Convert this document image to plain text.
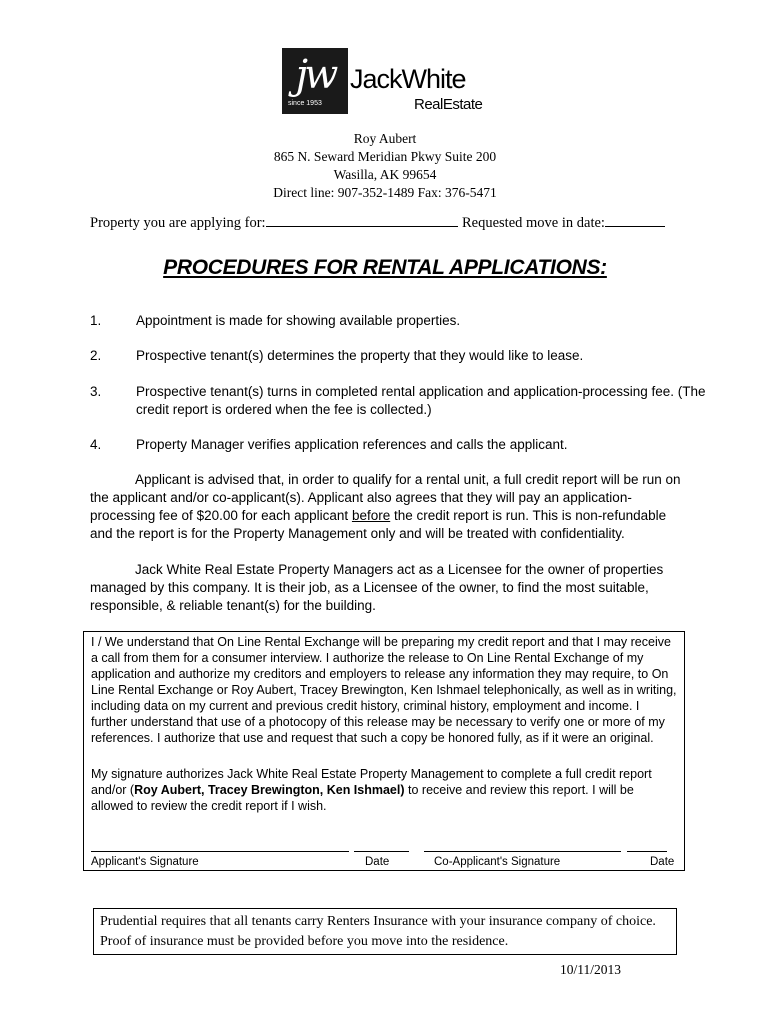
jw
since 1953
JackWhite
RealEstate
Roy Aubert
865 N. Seward Meridian Pkwy Suite 200
Wasilla, AK 99654
Direct line: 907-352-1489 Fax: 376-5471
Property you are applying for:	Requested move in date:
PROCEDURES FOR RENTAL APPLICATIONS:
1.	Appointment is made for showing available properties.
2.	Prospective tenant(s) determines the property that they would like to lease.
3.	Prospective tenant(s) turns in completed rental application and application-processing fee. (The credit report is ordered when the fee is collected.)
4.	Property Manager verifies application references and calls the applicant.
Applicant is advised that, in order to qualify for a rental unit, a full credit report will be run on the applicant and/or co-applicant(s). Applicant also agrees that they will pay an application-processing fee of $20.00 for each applicant before the credit report is run. This is non-refundable and the report is for the Property Management only and will be treated with confidentiality.
Jack White Real Estate Property Managers act as a Licensee for the owner of properties managed by this company. It is their job, as a Licensee of the owner, to find the most suitable, responsible, & reliable tenant(s) for the building.
I / We understand that On Line Rental Exchange will be preparing my credit report and that I may receive a call from them for a consumer interview. I authorize the release to On Line Rental Exchange of my application and authorize my creditors and employers to release any information they may require, to On Line Rental Exchange or Roy Aubert, Tracey Brewington, Ken Ishmael telephonically, as well as in writing, including data on my current and previous credit history, criminal history, employment and income. I further understand that use of a photocopy of this release may be necessary to verify one or more of my references. I authorize that use and request that such a copy be honored fully, as if it were an original.
My signature authorizes Jack White Real Estate Property Management to complete a full credit report and/or (Roy Aubert, Tracey Brewington, Ken Ishmael) to receive and review this report. I will be allowed to review the credit report if I wish.
Applicant's Signature	Date	Co-Applicant's Signature	Date
Prudential requires that all tenants carry Renters Insurance with your insurance company of choice. Proof of insurance must be provided before you move into the residence.
10/11/2013
